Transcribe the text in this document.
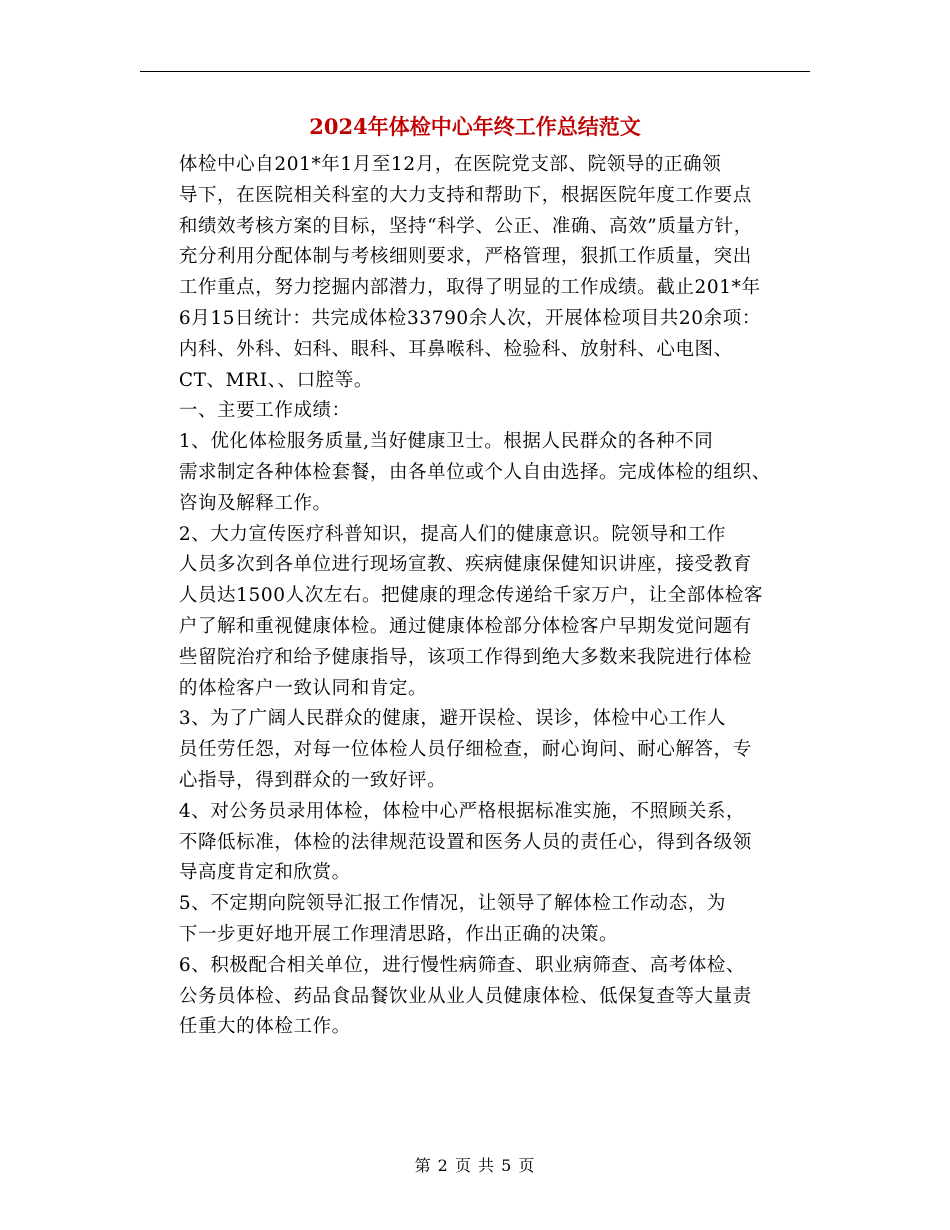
2024年体检中心年终工作总结范文

体检中心自201*年1月至12月，在医院党支部、院领导的正确领
导下，在医院相关科室的大力支持和帮助下，根据医院年度工作要点
和绩效考核方案的目标，坚持“科学、公正、准确、高效”质量方针，
充分利用分配体制与考核细则要求，严格管理，狠抓工作质量，突出
工作重点，努力挖掘内部潜力，取得了明显的工作成绩。截止201*年
6月15日统计：共完成体检33790余人次，开展体检项目共20余项：
内科、外科、妇科、眼科、耳鼻喉科、检验科、放射科、心电图、
CT、MRI、、口腔等。

一、主要工作成绩：

1、优化体检服务质量,当好健康卫士。根据人民群众的各种不同
需求制定各种体检套餐，由各单位或个人自由选择。完成体检的组织、
咨询及解释工作。

2、大力宣传医疗科普知识，提高人们的健康意识。院领导和工作
人员多次到各单位进行现场宣教、疾病健康保健知识讲座，接受教育
人员达1500人次左右。把健康的理念传递给千家万户，让全部体检客
户了解和重视健康体检。通过健康体检部分体检客户早期发觉问题有
些留院治疗和给予健康指导，该项工作得到绝大多数来我院进行体检
的体检客户一致认同和肯定。

3、为了广阔人民群众的健康，避开误检、误诊，体检中心工作人
员任劳任怨，对每一位体检人员仔细检查，耐心询问、耐心解答，专
心指导，得到群众的一致好评。

4、对公务员录用体检，体检中心严格根据标准实施，不照顾关系，
不降低标准，体检的法律规范设置和医务人员的责任心，得到各级领
导高度肯定和欣赏。

5、不定期向院领导汇报工作情况，让领导了解体检工作动态，为
下一步更好地开展工作理清思路，作出正确的决策。

6、积极配合相关单位，进行慢性病筛查、职业病筛查、高考体检、
公务员体检、药品食品餐饮业从业人员健康体检、低保复查等大量责
任重大的体检工作。

第 2 页 共 5 页
